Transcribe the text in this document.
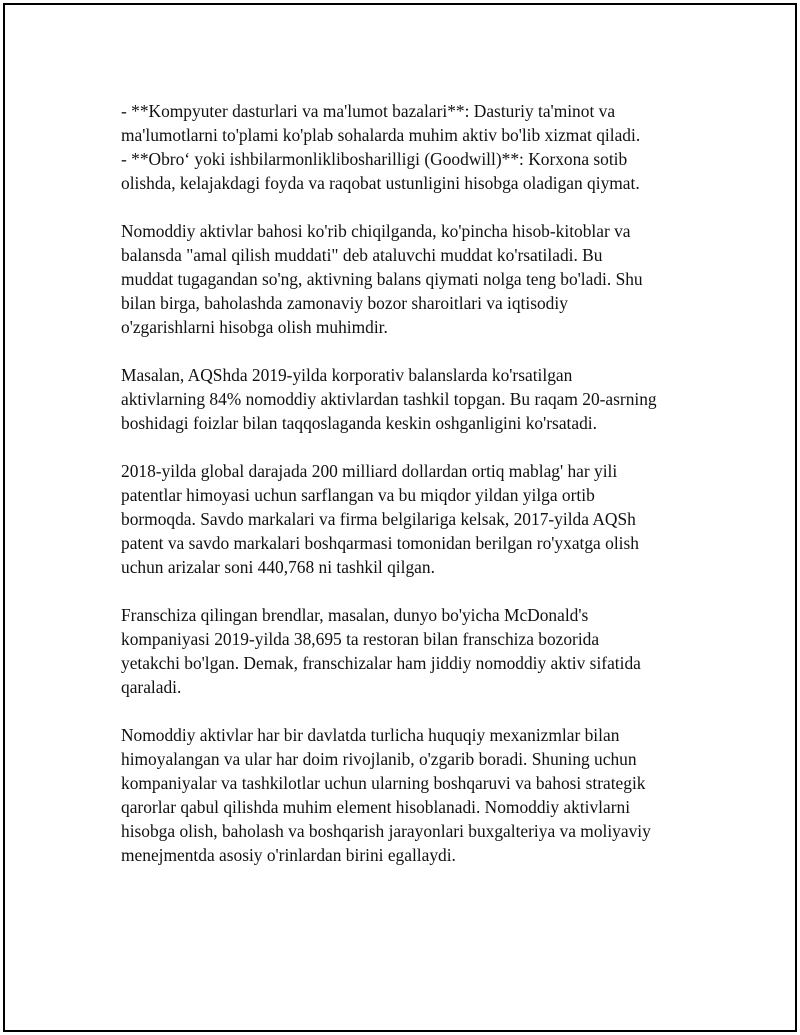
- **Kompyuter dasturlari va ma'lumot bazalari**: Dasturiy ta'minot va
ma'lumotlarni to'plami ko'plab sohalarda muhim aktiv bo'lib xizmat qiladi.
- **Obro‘ yoki ishbilarmonliklibosharilligi (Goodwill)**: Korxona sotib
olishda, kelajakdagi foyda va raqobat ustunligini hisobga oladigan qiymat.

Nomoddiy aktivlar bahosi ko'rib chiqilganda, ko'pincha hisob-kitoblar va
balansda "amal qilish muddati" deb ataluvchi muddat ko'rsatiladi. Bu
muddat tugagandan so'ng, aktivning balans qiymati nolga teng bo'ladi. Shu
bilan birga, baholashda zamonaviy bozor sharoitlari va iqtisodiy
o'zgarishlarni hisobga olish muhimdir.

Masalan, AQShda 2019-yilda korporativ balanslarda ko'rsatilgan
aktivlarning 84% nomoddiy aktivlardan tashkil topgan. Bu raqam 20-asrning
boshidagi foizlar bilan taqqoslaganda keskin oshganligini ko'rsatadi.

2018-yilda global darajada 200 milliard dollardan ortiq mablag' har yili
patentlar himoyasi uchun sarflangan va bu miqdor yildan yilga ortib
bormoqda. Savdo markalari va firma belgilariga kelsak, 2017-yilda AQSh
patent va savdo markalari boshqarmasi tomonidan berilgan ro'yxatga olish
uchun arizalar soni 440,768 ni tashkil qilgan.

Franschiza qilingan brendlar, masalan, dunyo bo'yicha McDonald's
kompaniyasi 2019-yilda 38,695 ta restoran bilan franschiza bozorida
yetakchi bo'lgan. Demak, franschizalar ham jiddiy nomoddiy aktiv sifatida
qaraladi.

Nomoddiy aktivlar har bir davlatda turlicha huquqiy mexanizmlar bilan
himoyalangan va ular har doim rivojlanib, o'zgarib boradi. Shuning uchun
kompaniyalar va tashkilotlar uchun ularning boshqaruvi va bahosi strategik
qarorlar qabul qilishda muhim element hisoblanadi. Nomoddiy aktivlarni
hisobga olish, baholash va boshqarish jarayonlari buxgalteriya va moliyaviy
menejmentda asosiy o'rinlardan birini egallaydi.
